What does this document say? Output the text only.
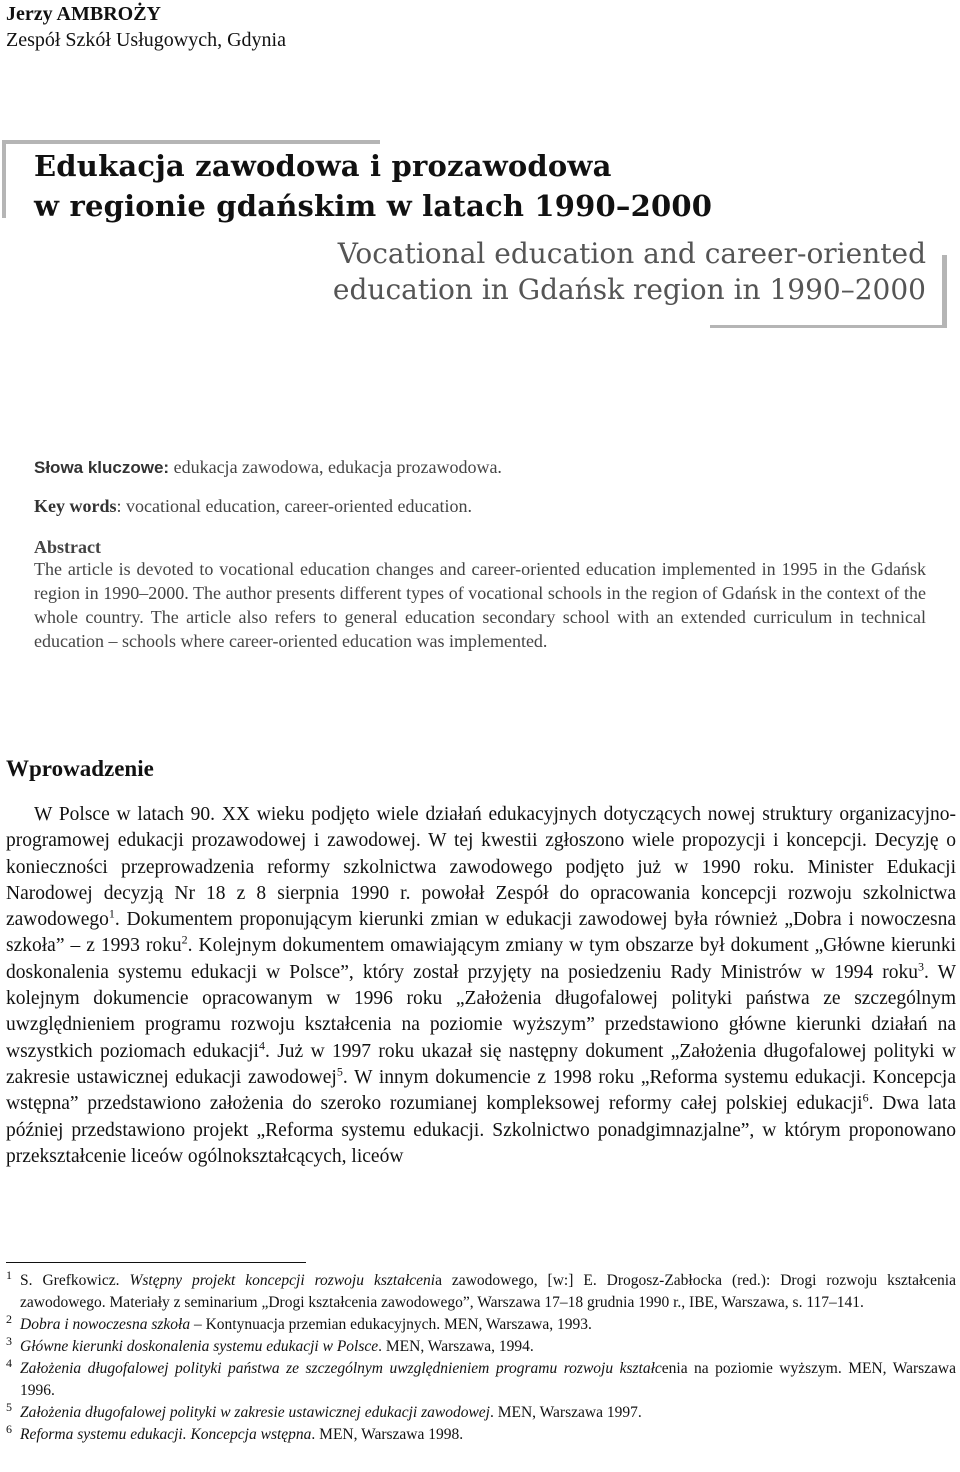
Jerzy AMBROŻY
Zespół Szkół Usługowych, Gdynia
Edukacja zawodowa i prozawodowa
w regionie gdańskim w latach 1990–2000
Vocational education and career-oriented
education in Gdańsk region in 1990–2000
Słowa kluczowe: edukacja zawodowa, edukacja prozawodowa.
Key words: vocational education, career-oriented education.
Abstract
The article is devoted to vocational education changes and career-oriented education implemented in 1995 in the Gdańsk region in 1990–2000. The author presents different types of vocational schools in the region of Gdańsk in the context of the whole country. The article also refers to general education secondary school with an extended curriculum in technical education – schools where career-oriented education was implemented.
Wprowadzenie

W Polsce w latach 90. XX wieku podjęto wiele działań edukacyjnych dotyczących nowej struktury organizacyjno-programowej edukacji prozawodowej i zawodowej. W tej kwestii zgłoszono wiele propozycji i koncepcji. Decyzję o konieczności przeprowadzenia reformy szkolnictwa zawodowego podjęto już w 1990 roku. Minister Edukacji Narodowej decyzją Nr 18 z 8 sierpnia 1990 r. powołał Zespół do opracowania koncepcji rozwoju szkolnictwa zawodowego$^1$. Dokumentem proponującym kierunki zmian w edukacji zawodowej była również „Dobra i nowoczesna szkoła” – z 1993 roku$^2$. Kolejnym dokumentem omawiającym zmiany w tym obszarze był dokument „Główne kierunki doskonalenia systemu edukacji w Polsce”, który został przyjęty na posiedzeniu Rady Ministrów w 1994 roku$^3$. W kolejnym dokumencie opracowanym w 1996 roku „Założenia długofalowej polityki państwa ze szczególnym uwzględnieniem programu rozwoju kształcenia na poziomie wyższym” przedstawiono główne kierunki działań na wszystkich poziomach edukacji$^4$. Już w 1997 roku ukazał się następny dokument „Założenia długofalowej polityki w zakresie ustawicznej edukacji zawodowej$^5$. W innym dokumencie z 1998 roku „Reforma systemu edukacji. Koncepcja wstępna” przedstawiono założenia do szeroko rozumianej kompleksowej reformy całej polskiej edukacji$^6$. Dwa lata później przedstawiono projekt „Reforma systemu edukacji. Szkolnictwo ponadgimnazjalne”, w którym proponowano przekształcenie liceów ogólnokształcących, liceów

1 S. Grefkowicz. Wstępny projekt koncepcji rozwoju kształcenia zawodowego, [w:] E. Drogosz-Zabłocka (red.): Drogi rozwoju kształcenia zawodowego. Materiały z seminarium „Drogi kształcenia zawodowego”, Warszawa 17–18 grudnia 1990 r., IBE, Warszawa, s. 117–141.

2 Dobra i nowoczesna szkoła – Kontynuacja przemian edukacyjnych. MEN, Warszawa, 1993.

3 Główne kierunki doskonalenia systemu edukacji w Polsce. MEN, Warszawa, 1994.

4 Założenia długofalowej polityki państwa ze szczególnym uwzględnieniem programu rozwoju kształcenia na poziomie wyższym. MEN, Warszawa 1996.

5 Założenia długofalowej polityki w zakresie ustawicznej edukacji zawodowej. MEN, Warszawa 1997.

6 Reforma systemu edukacji. Koncepcja wstępna. MEN, Warszawa 1998.
